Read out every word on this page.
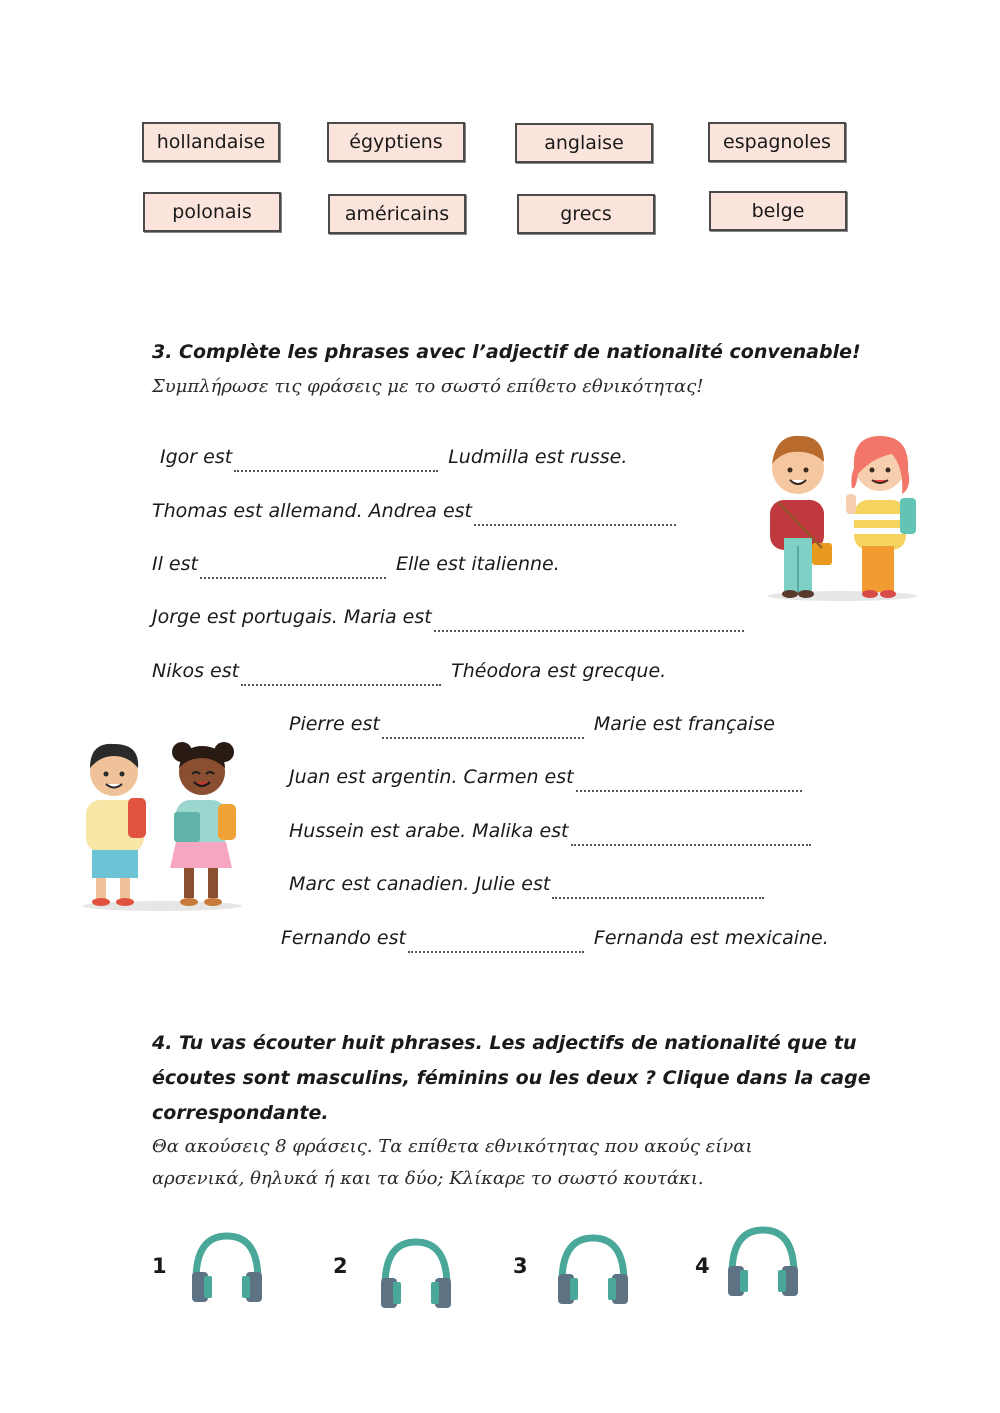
hollandaise	égyptiens	anglaise	espagnoles
polonais	américains	grecs	belge
3. Complète les phrases avec l’adjectif de nationalité convenable!
Συμπλήρωσε τις φράσεις με το σωστό επίθετο εθνικότητας!
Igor est	Ludmilla est russe.
Thomas est allemand. Andrea est
Il est	Elle est italienne.
Jorge est portugais. Maria est
Nikos est	Théodora est grecque.
Pierre est	Marie est française
Juan est argentin. Carmen est
Hussein est arabe. Malika est
Marc est canadien. Julie est
Fernando est	Fernanda est mexicaine.
4. Tu vas écouter huit phrases. Les adjectifs de nationalité que tu
écoutes sont masculins, féminins ou les deux ? Clique dans la cage
correspondante.
Θα ακούσεις 8 φράσεις. Τα επίθετα εθνικότητας που ακούς είναι
αρσενικά, θηλυκά ή και τα δύο; Κλίκαρε το σωστό κουτάκι.
1	2	3	4
